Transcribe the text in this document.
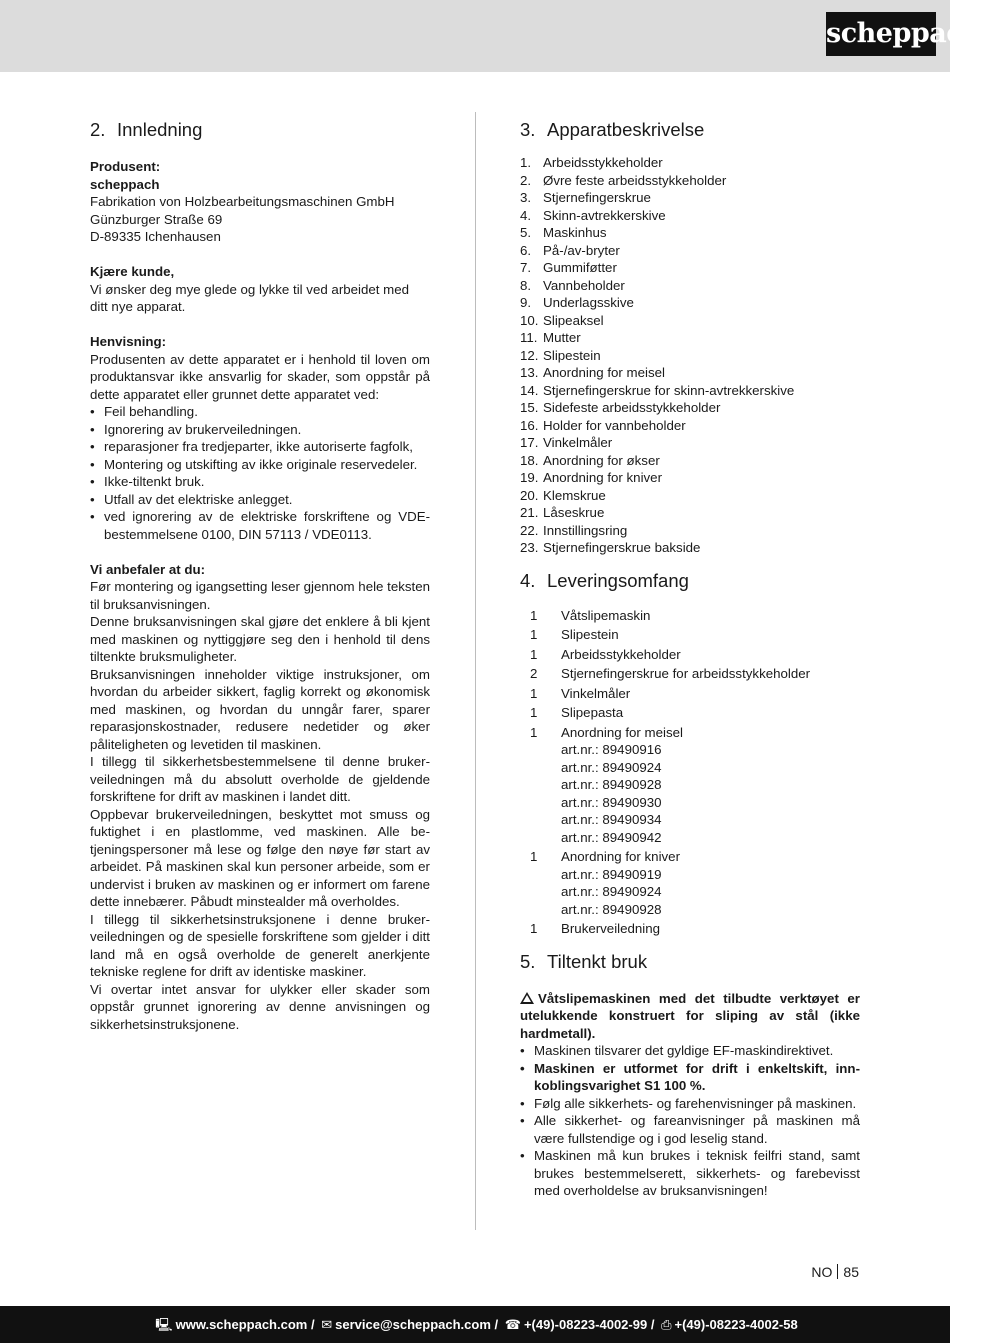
scheppach
2. Innledning

Produsent:

scheppach

Fabrikation von Holzbearbeitungsmaschinen GmbH

Günzburger Straße 69

D-89335 Ichenhausen

Kjære kunde,

Vi ønsker deg mye glede og lykke til ved arbeidet med ditt nye apparat.

Henvisning:

Produsenten av dette apparatet er i henhold til loven om produktansvar ikke ansvarlig for skader, som oppstår på dette apparatet eller grunnet dette apparatet ved:

• Feil behandling.
• Ignorering av brukerveiledningen.
• reparasjoner fra tredjeparter, ikke autoriserte fagfolk,
• Montering og utskifting av ikke originale reservedeler.
• Ikke-tiltenkt bruk.
• Utfall av det elektriske anlegget.
• ved ignorering av de elektriske forskriftene og VDE-bestemmelsene 0100, DIN 57113 / VDE0113.

Vi anbefaler at du:

Før montering og igangsetting leser gjennom hele teksten til bruksanvisningen.

Denne bruksanvisningen skal gjøre det enklere å bli kjent med maskinen og nyttiggjøre seg den i henhold til dens tiltenkte bruksmuligheter.

Bruksanvisningen inneholder viktige instruksjoner, om hvordan du arbeider sikkert, faglig korrekt og økonomisk med maskinen, og hvordan du unngår farer, sparer reparasjonskostnader, redusere nedetider og øker påliteligheten og levetiden til maskinen.

I tillegg til sikkerhetsbestemmelsene til denne brukerveiledningen må du absolutt overholde de gjeldende forskriftene for drift av maskinen i landet ditt.

Oppbevar brukerveiledningen, beskyttet mot smuss og fuktighet i en plastlomme, ved maskinen. Alle betjeningspersoner må lese og følge den nøye før start av arbeidet. På maskinen skal kun personer arbeide, som er undervist i bruken av maskinen og er informert om farene dette innebærer. Påbudt minstealder må overholdes.

I tillegg til sikkerhetsinstruksjonene i denne brukerveiledningen og de spesielle forskriftene som gjelder i ditt land må en også overholde de generelt anerkjente tekniske reglene for drift av identiske maskiner.

Vi overtar intet ansvar for ulykker eller skader som oppstår grunnet ignorering av denne anvisningen og sikkerhetsinstruksjonene.

3. Apparatbeskrivelse
1. Arbeidsstykkeholder
2. Øvre feste arbeidsstykkeholder
3. Stjernefingerskrue
4. Skinn-avtrekkerskive
5. Maskinhus
6. På-/av-bryter
7. Gummiføtter
8. Vannbeholder
9. Underlagsskive
10. Slipeaksel
11. Mutter
12. Slipestein
13. Anordning for meisel
14. Stjernefingerskrue for skinn-avtrekkerskive
15. Sidefeste arbeidsstykkeholder
16. Holder for vannbeholder
17. Vinkelmåler
18. Anordning for økser
19. Anordning for kniver
20. Klemskrue
21. Låseskrue
22. Innstillingsring
23. Stjernefingerskrue bakside
4. Leveringsomfang
1	Våtslipemaskin
1	Slipestein
1	Arbeidsstykkeholder
2	Stjernefingerskrue for arbeidsstykkeholder
1	Vinkelmåler
1	Slipepasta
1	Anordning for meisel
art.nr.: 89490916
art.nr.: 89490924
art.nr.: 89490928
art.nr.: 89490930
art.nr.: 89490934
art.nr.: 89490942
1	Anordning for kniver
art.nr.: 89490919
art.nr.: 89490924
art.nr.: 89490928
1	Brukerveiledning
5. Tiltenkt bruk

Våtslipemaskinen med det tilbudte verktøyet er utelukkende konstruert for sliping av stål (ikke hardmetall).

• Maskinen tilsvarer det gyldige EF-maskindirektivet.
• Maskinen er utformet for drift i enkeltskift, innkoblingsvarighet S1 100 %.
• Følg alle sikkerhets- og farehenvisninger på maskinen.
• Alle sikkerhet- og fareanvisninger på maskinen må være fullstendige og i god leselig stand.
• Maskinen må kun brukes i teknisk feilfri stand, samt brukes bestemmelserett, sikkerhets- og farebevisst med overholdelse av bruksanvisningen!
NO 85
🖳 www.scheppach.com / ✉ service@scheppach.com / ☎ +(49)-08223-4002-99 / ⎙ +(49)-08223-4002-58
